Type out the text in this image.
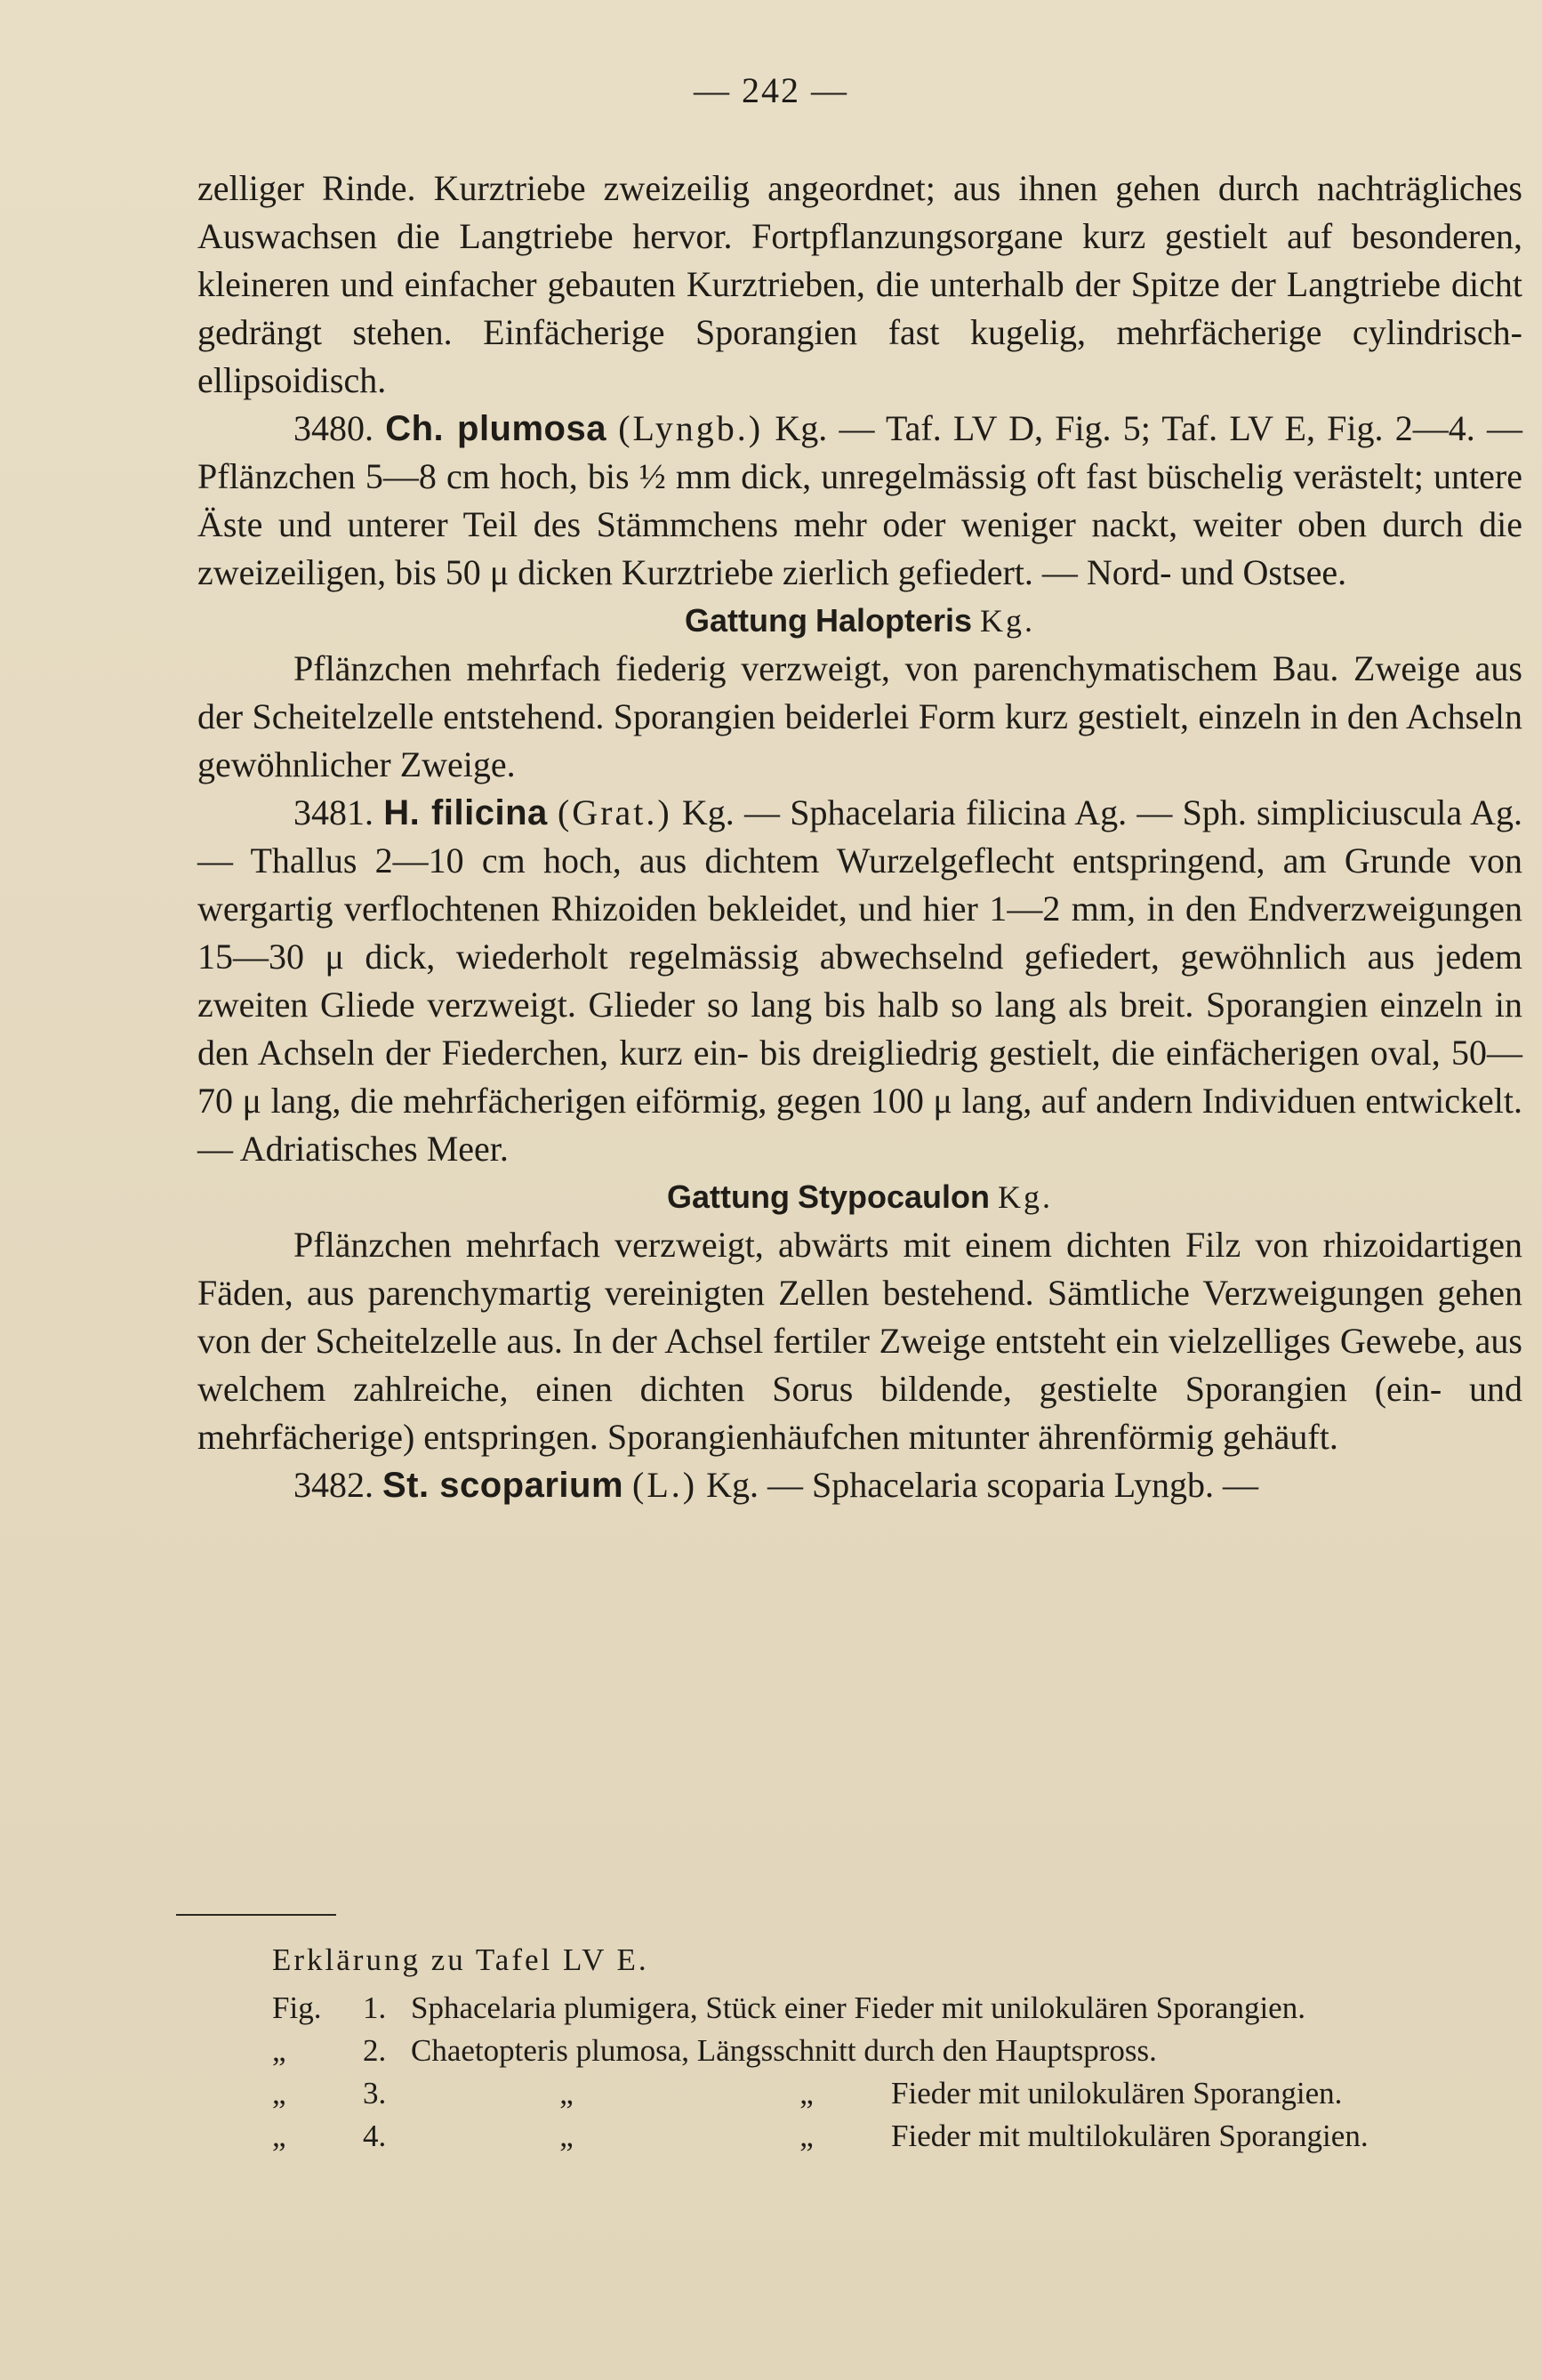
— 242 —

zelliger Rinde. Kurztriebe zweizeilig angeordnet; aus ihnen gehen durch nachträgliches Auswachsen die Langtriebe hervor. Fortpflanzungsorgane kurz gestielt auf besonderen, kleineren und einfacher gebauten Kurztrieben, die unterhalb der Spitze der Langtriebe dicht gedrängt stehen. Einfächerige Sporangien fast kugelig, mehrfächerige cylindrisch-ellipsoidisch.

3480. Ch. plumosa (Lyngb.) Kg. — Taf. LV D, Fig. 5; Taf. LV E, Fig. 2—4. — Pflänzchen 5—8 cm hoch, bis ½ mm dick, unregelmässig oft fast büschelig verästelt; untere Äste und unterer Teil des Stämmchens mehr oder weniger nackt, weiter oben durch die zweizeiligen, bis 50 μ dicken Kurztriebe zierlich gefiedert. — Nord- und Ostsee.

Gattung Halopteris Kg.

Pflänzchen mehrfach fiederig verzweigt, von parenchymatischem Bau. Zweige aus der Scheitelzelle entstehend. Sporangien beiderlei Form kurz gestielt, einzeln in den Achseln gewöhnlicher Zweige.

3481. H. filicina (Grat.) Kg. — Sphacelaria filicina Ag. — Sph. simpliciuscula Ag. — Thallus 2—10 cm hoch, aus dichtem Wurzelgeflecht entspringend, am Grunde von wergartig verflochtenen Rhizoiden bekleidet, und hier 1—2 mm, in den Endverzweigungen 15—30 μ dick, wiederholt regelmässig abwechselnd gefiedert, gewöhnlich aus jedem zweiten Gliede verzweigt. Glieder so lang bis halb so lang als breit. Sporangien einzeln in den Achseln der Fiederchen, kurz ein- bis dreigliedrig gestielt, die einfächerigen oval, 50—70 μ lang, die mehrfächerigen eiförmig, gegen 100 μ lang, auf andern Individuen entwickelt. — Adriatisches Meer.

Gattung Stypocaulon Kg.

Pflänzchen mehrfach verzweigt, abwärts mit einem dichten Filz von rhizoidartigen Fäden, aus parenchymartig vereinigten Zellen bestehend. Sämtliche Verzweigungen gehen von der Scheitelzelle aus. In der Achsel fertiler Zweige entsteht ein vielzelliges Gewebe, aus welchem zahlreiche, einen dichten Sorus bildende, gestielte Sporangien (ein- und mehrfächerige) entspringen. Sporangienhäufchen mitunter ährenförmig gehäuft.

3482. St. scoparium (L.) Kg. — Sphacelaria scoparia Lyngb. —

Erklärung zu Tafel LV E.

Fig.	1. Sphacelaria plumigera, Stück einer Fieder mit unilokulären Sporangien.

„	2. Chaetopteris plumosa, Längsschnitt durch den Hauptspross.

„	3.	„	„ Fieder mit unilokulären Sporangien.

„	4.	„	„ Fieder mit multilokulären Sporangien.
